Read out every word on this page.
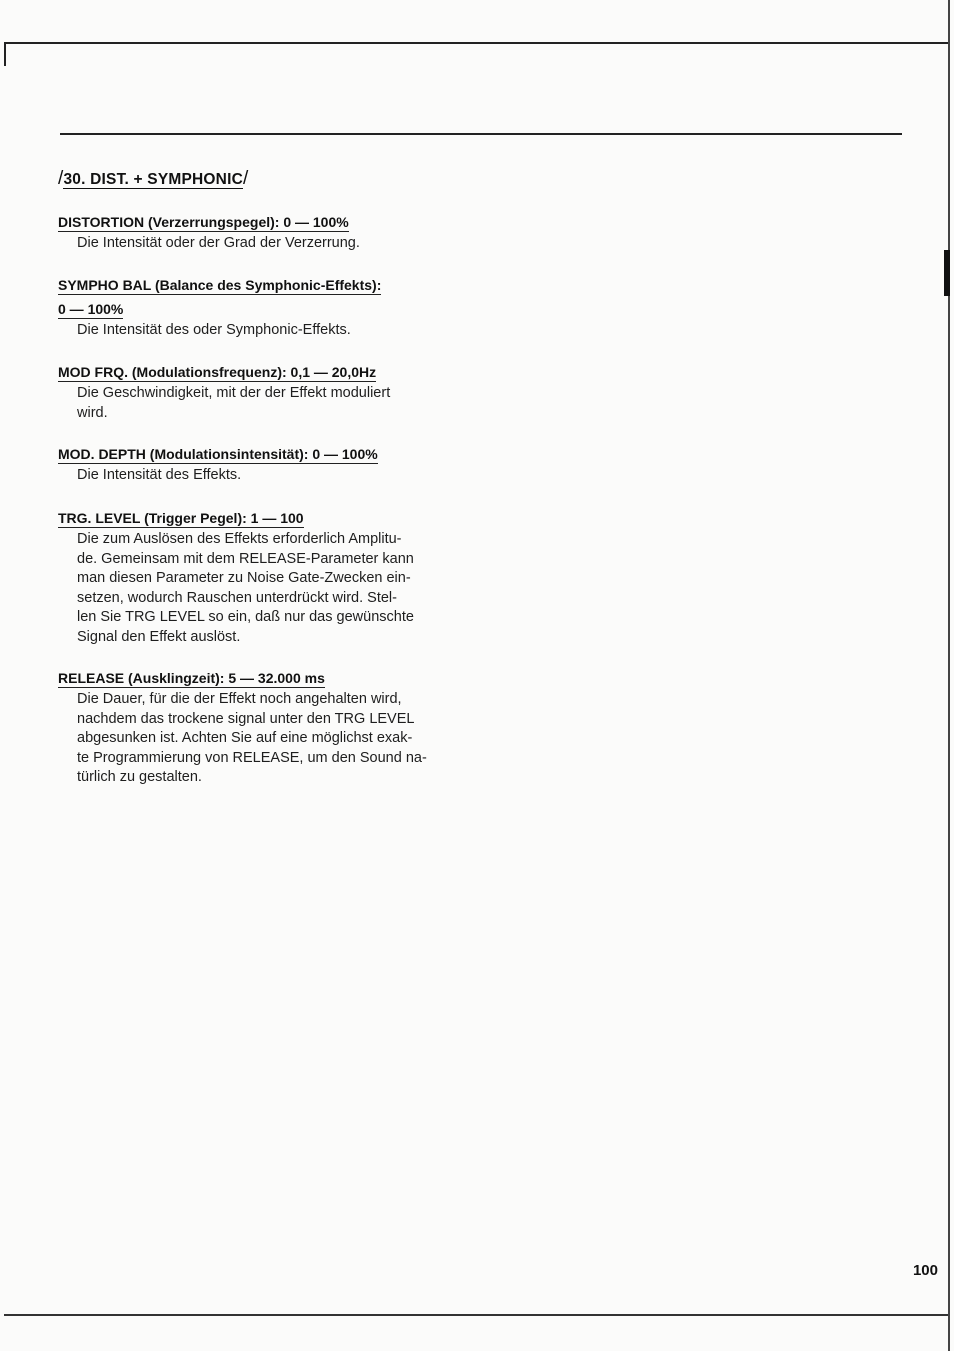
/30. DIST. + SYMPHONIC/
DISTORTION (Verzerrungspegel): 0 — 100%
Die Intensität oder der Grad der Verzerrung.
SYMPHO BAL (Balance des Symphonic-Effekts):
0 — 100%
Die Intensität des oder Symphonic-Effekts.
MOD FRQ. (Modulationsfrequenz): 0,1 — 20,0Hz
Die Geschwindigkeit, mit der der Effekt moduliert
wird.
MOD. DEPTH (Modulationsintensität): 0 — 100%
Die Intensität des Effekts.
TRG. LEVEL (Trigger Pegel): 1 — 100
Die zum Auslösen des Effekts erforderlich Amplitu-
de. Gemeinsam mit dem RELEASE-Parameter kann
man diesen Parameter zu Noise Gate-Zwecken ein-
setzen, wodurch Rauschen unterdrückt wird. Stel-
len Sie TRG LEVEL so ein, daß nur das gewünschte
Signal den Effekt auslöst.
RELEASE (Ausklingzeit): 5 — 32.000 ms
Die Dauer, für die der Effekt noch angehalten wird,
nachdem das trockene signal unter den TRG LEVEL
abgesunken ist. Achten Sie auf eine möglichst exak-
te Programmierung von RELEASE, um den Sound na-
türlich zu gestalten.
100
